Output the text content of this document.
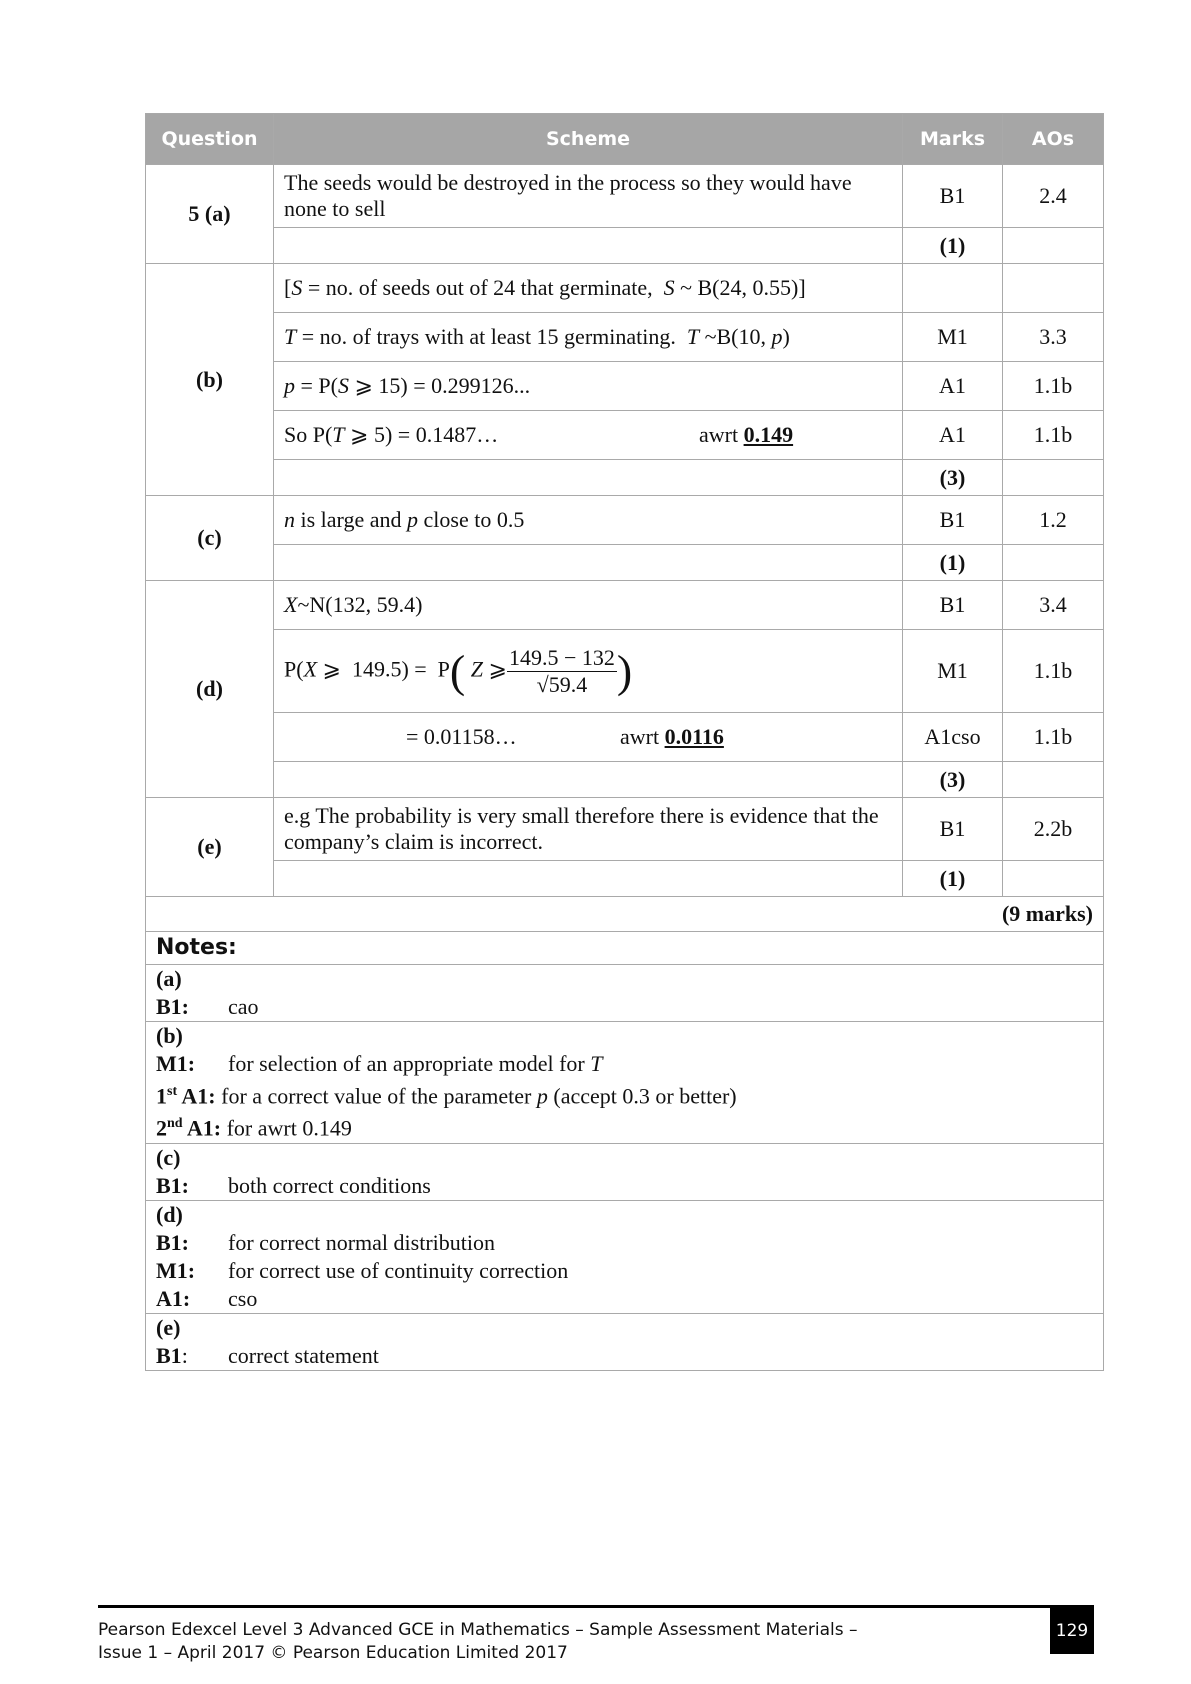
Question	Scheme	Marks	AOs
5 (a)	The seeds would be destroyed in the process so they would have none to sell	B1	2.4
		(1)	
(b)	[S = no. of seeds out of 24 that germinate,  S ~ B(24, 0.55)]		
	T = no. of trays with at least 15 germinating.  T ~B(10, p)	M1	3.3
	p = P(S ⩾ 15) = 0.299126...	A1	1.1b
	So P(T ⩾ 5) = 0.1487… awrt 0.149	A1	1.1b
		(3)	
(c)	n is large and p close to 0.5	B1	1.2
		(1)	
(d)	X~N(132, 59.4)	B1	3.4
	P(X ⩾  149.5) =  P( Z ⩾ $\frac{149.5 - 132}{√59.4}$ )	M1	1.1b
	= 0.01158… awrt 0.0116	A1cso	1.1b
		(3)	
(e)	e.g The probability is very small therefore there is evidence that the company’s claim is incorrect.	B1	2.2b
		(1)	
(9 marks)			
Notes:			

(a)
B1: cao			

(b)
M1: for selection of an appropriate model for T
1st A1: for a correct value of the parameter p (accept 0.3 or better)
2nd A1: for awrt 0.149			

(c)
B1: both correct conditions			

(d)
B1: for correct normal distribution
M1: for correct use of continuity correction
A1: cso			

(e)
B1: correct statement			
Pearson Edexcel Level 3 Advanced GCE in Mathematics – Sample Assessment Materials –
Issue 1 – April 2017 © Pearson Education Limited 2017
129
